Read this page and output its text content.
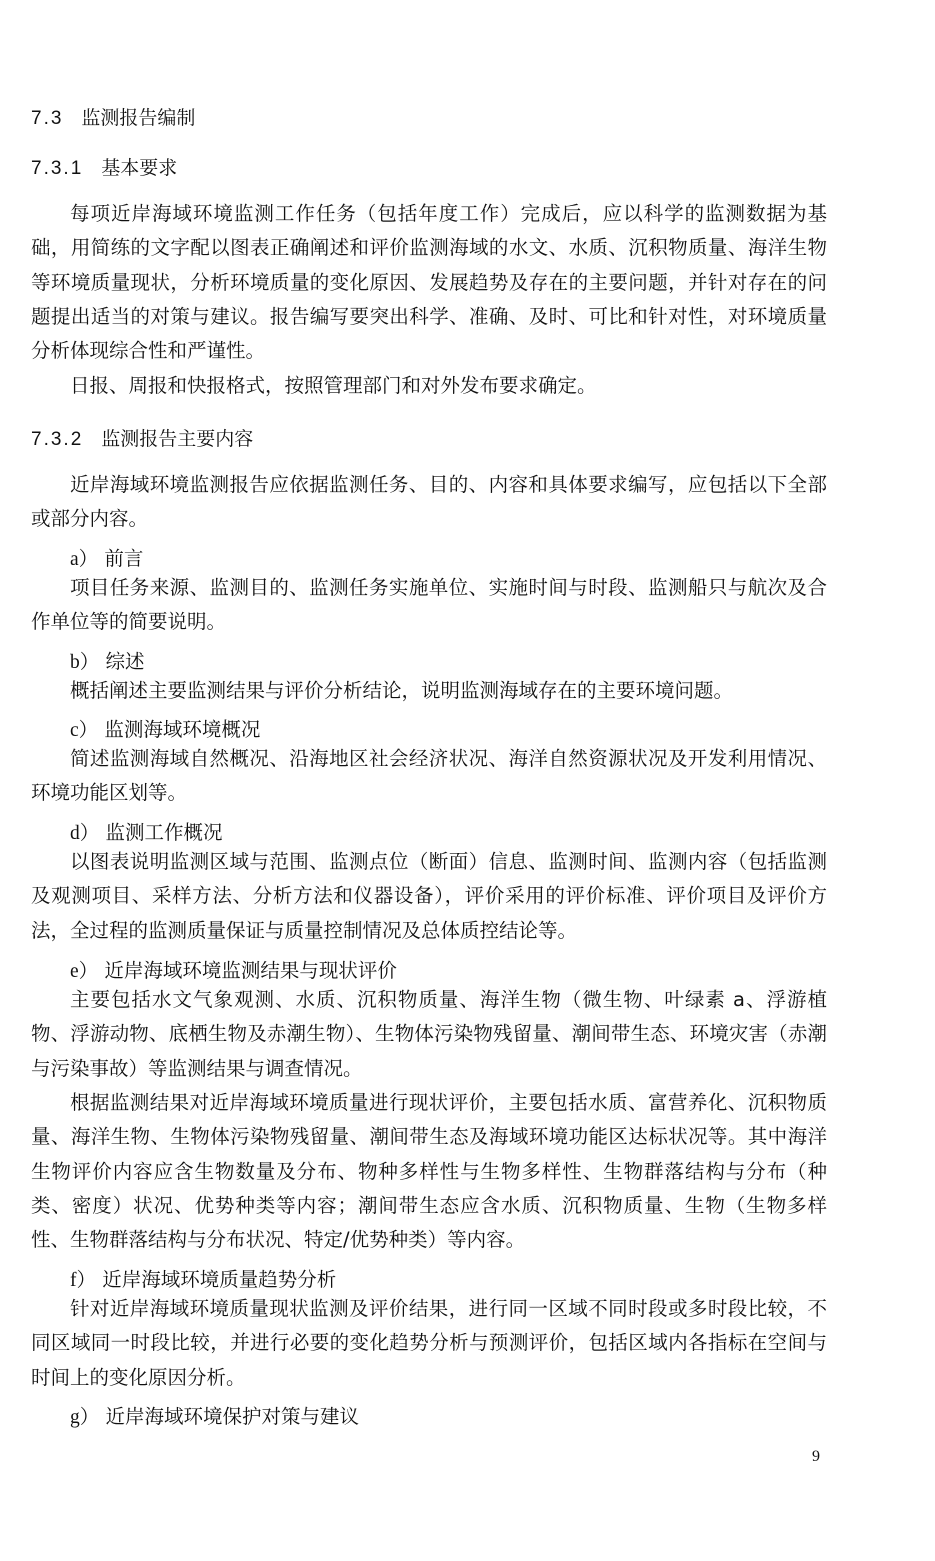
7.3 监测报告编制
7.3.1 基本要求

每项近岸海域环境监测工作任务（包括年度工作）完成后，应以科学的监测数据为基础，用简练的文字配以图表正确阐述和评价监测海域的水文、水质、沉积物质量、海洋生物等环境质量现状，分析环境质量的变化原因、发展趋势及存在的主要问题，并针对存在的问题提出适当的对策与建议。报告编写要突出科学、准确、及时、可比和针对性，对环境质量分析体现综合性和严谨性。

日报、周报和快报格式，按照管理部门和对外发布要求确定。

7.3.2 监测报告主要内容

近岸海域环境监测报告应依据监测任务、目的、内容和具体要求编写，应包括以下全部或部分内容。

a） 前言

项目任务来源、监测目的、监测任务实施单位、实施时间与时段、监测船只与航次及合作单位等的简要说明。

b） 综述

概括阐述主要监测结果与评价分析结论，说明监测海域存在的主要环境问题。

c） 监测海域环境概况

简述监测海域自然概况、沿海地区社会经济状况、海洋自然资源状况及开发利用情况、环境功能区划等。

d） 监测工作概况

以图表说明监测区域与范围、监测点位（断面）信息、监测时间、监测内容（包括监测及观测项目、采样方法、分析方法和仪器设备），评价采用的评价标准、评价项目及评价方法，全过程的监测质量保证与质量控制情况及总体质控结论等。

e） 近岸海域环境监测结果与现状评价

主要包括水文气象观测、水质、沉积物质量、海洋生物（微生物、叶绿素 a、浮游植物、浮游动物、底栖生物及赤潮生物）、生物体污染物残留量、潮间带生态、环境灾害（赤潮与污染事故）等监测结果与调查情况。

根据监测结果对近岸海域环境质量进行现状评价，主要包括水质、富营养化、沉积物质量、海洋生物、生物体污染物残留量、潮间带生态及海域环境功能区达标状况等。其中海洋生物评价内容应含生物数量及分布、物种多样性与生物多样性、生物群落结构与分布（种类、密度）状况、优势种类等内容；潮间带生态应含水质、沉积物质量、生物（生物多样性、生物群落结构与分布状况、特定/优势种类）等内容。

f） 近岸海域环境质量趋势分析

针对近岸海域环境质量现状监测及评价结果，进行同一区域不同时段或多时段比较，不同区域同一时段比较，并进行必要的变化趋势分析与预测评价，包括区域内各指标在空间与时间上的变化原因分析。

g） 近岸海域环境保护对策与建议
9
